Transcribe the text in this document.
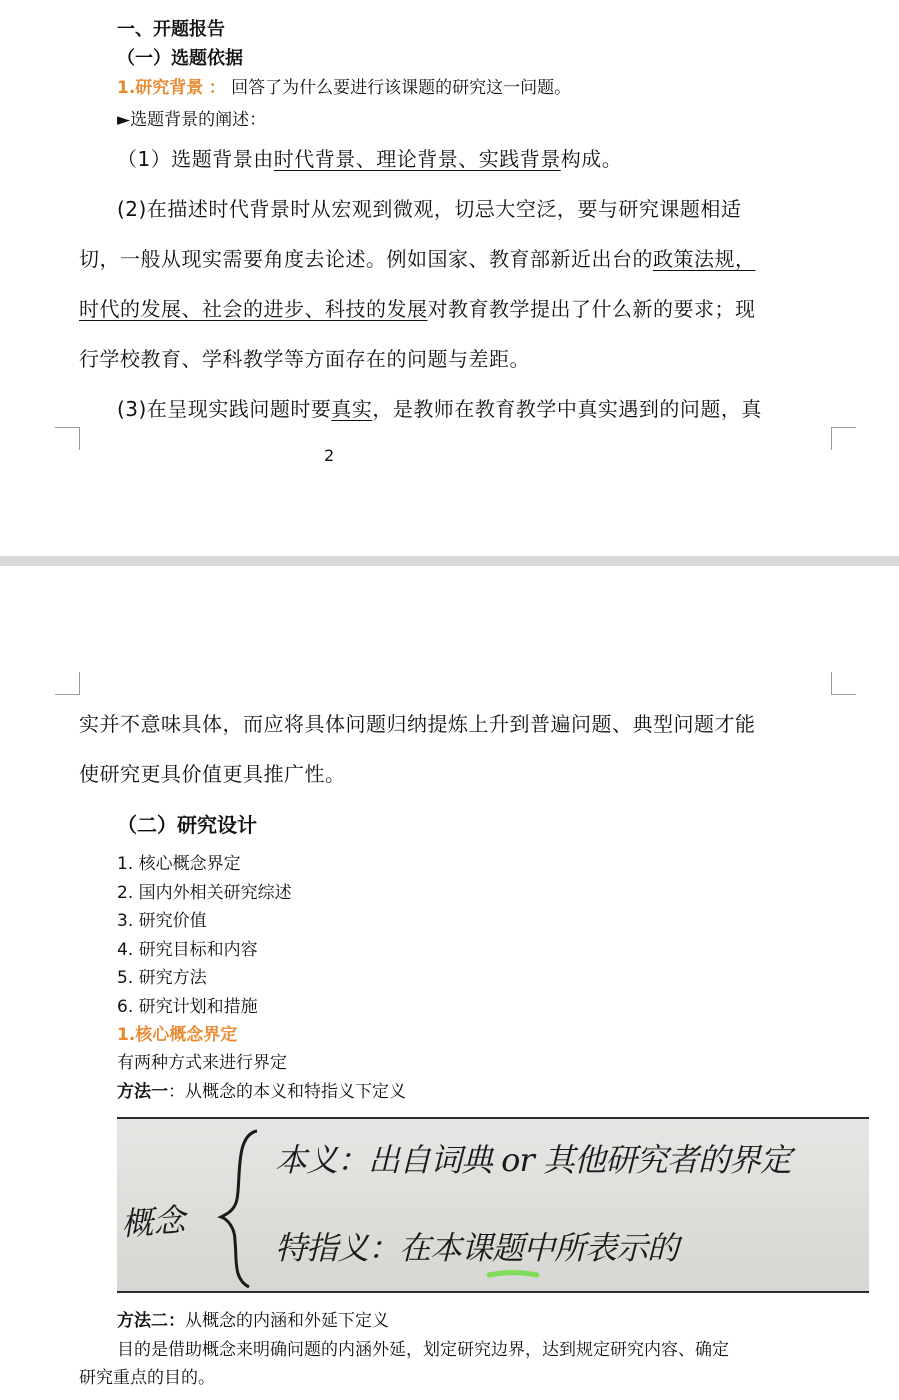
一、开题报告
（一）选题依据
1.研究背景 ： 回答了为什么要进行该课题的研究这一问题。
►选题背景的阐述：
（1）选题背景由时代背景、理论背景、实践背景构成。
(2)在描述时代背景时从宏观到微观，切忌大空泛，要与研究课题相适
切，一般从现实需要角度去论述。例如国家、教育部新近出台的政策法规，
时代的发展、社会的进步、科技的发展对教育教学提出了什么新的要求；现
行学校教育、学科教学等方面存在的问题与差距。
(3)在呈现实践问题时要真实，是教师在教育教学中真实遇到的问题，真
2
实并不意味具体，而应将具体问题归纳提炼上升到普遍问题、典型问题才能
使研究更具价值更具推广性。
（二）研究设计
1. 核心概念界定
2. 国内外相关研究综述
3. 研究价值
4. 研究目标和内容
5. 研究方法
6. 研究计划和措施
1.核心概念界定
有两种方式来进行界定
方法一：从概念的本义和特指义下定义
概念
本义：出自词典 or 其他研究者的界定
特指义：在本课题中所表示的
方法二：从概念的内涵和外延下定义
目的是借助概念来明确问题的内涵外延，划定研究边界，达到规定研究内容、确定
研究重点的目的。
